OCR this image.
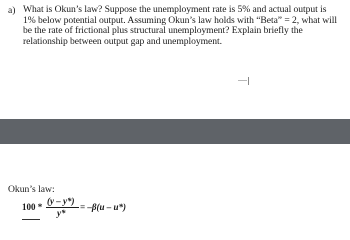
a) What is Okun’s law? Suppose the unemployment rate is 5% and actual output is 1% below potential output. Assuming Okun’s law holds with “Beta” = 2, what will be the rate of frictional plus structural unemployment? Explain briefly the relationship between output gap and unemployment.
Okun’s law:
100 *
(y – y*)
y*
= –β(u – u*)
